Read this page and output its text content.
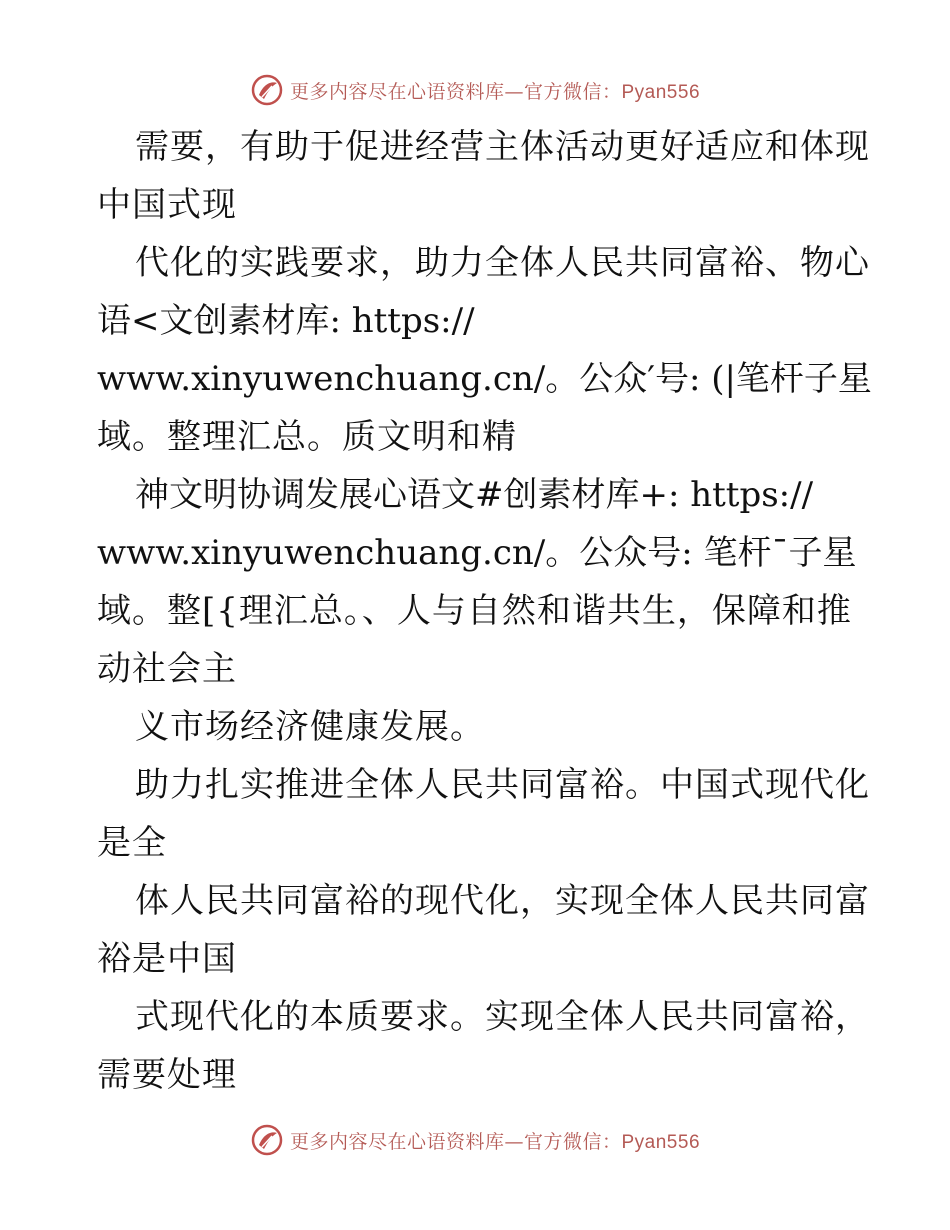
更多内容尽在心语资料库—官方微信：Pyan556
需要，有助于促进经营主体活动更好适应和体现
中国式现
代化的实践要求，助力全体人民共同富裕、物心
语<文创素材库: https://
www.xinyuwenchuang.cn/。公众′号: (|笔杆子星
域。整理汇总。质文明和精
神文明协调发展心语文#创素材库+: https://
www.xinyuwenchuang.cn/。公众号: 笔杆¯子星
域。整[{理汇总。、人与自然和谐共生，保障和推
动社会主
义市场经济健康发展。
助力扎实推进全体人民共同富裕。中国式现代化
是全
体人民共同富裕的现代化，实现全体人民共同富
裕是中国
式现代化的本质要求。实现全体人民共同富裕，
需要处理
更多内容尽在心语资料库—官方微信：Pyan556
